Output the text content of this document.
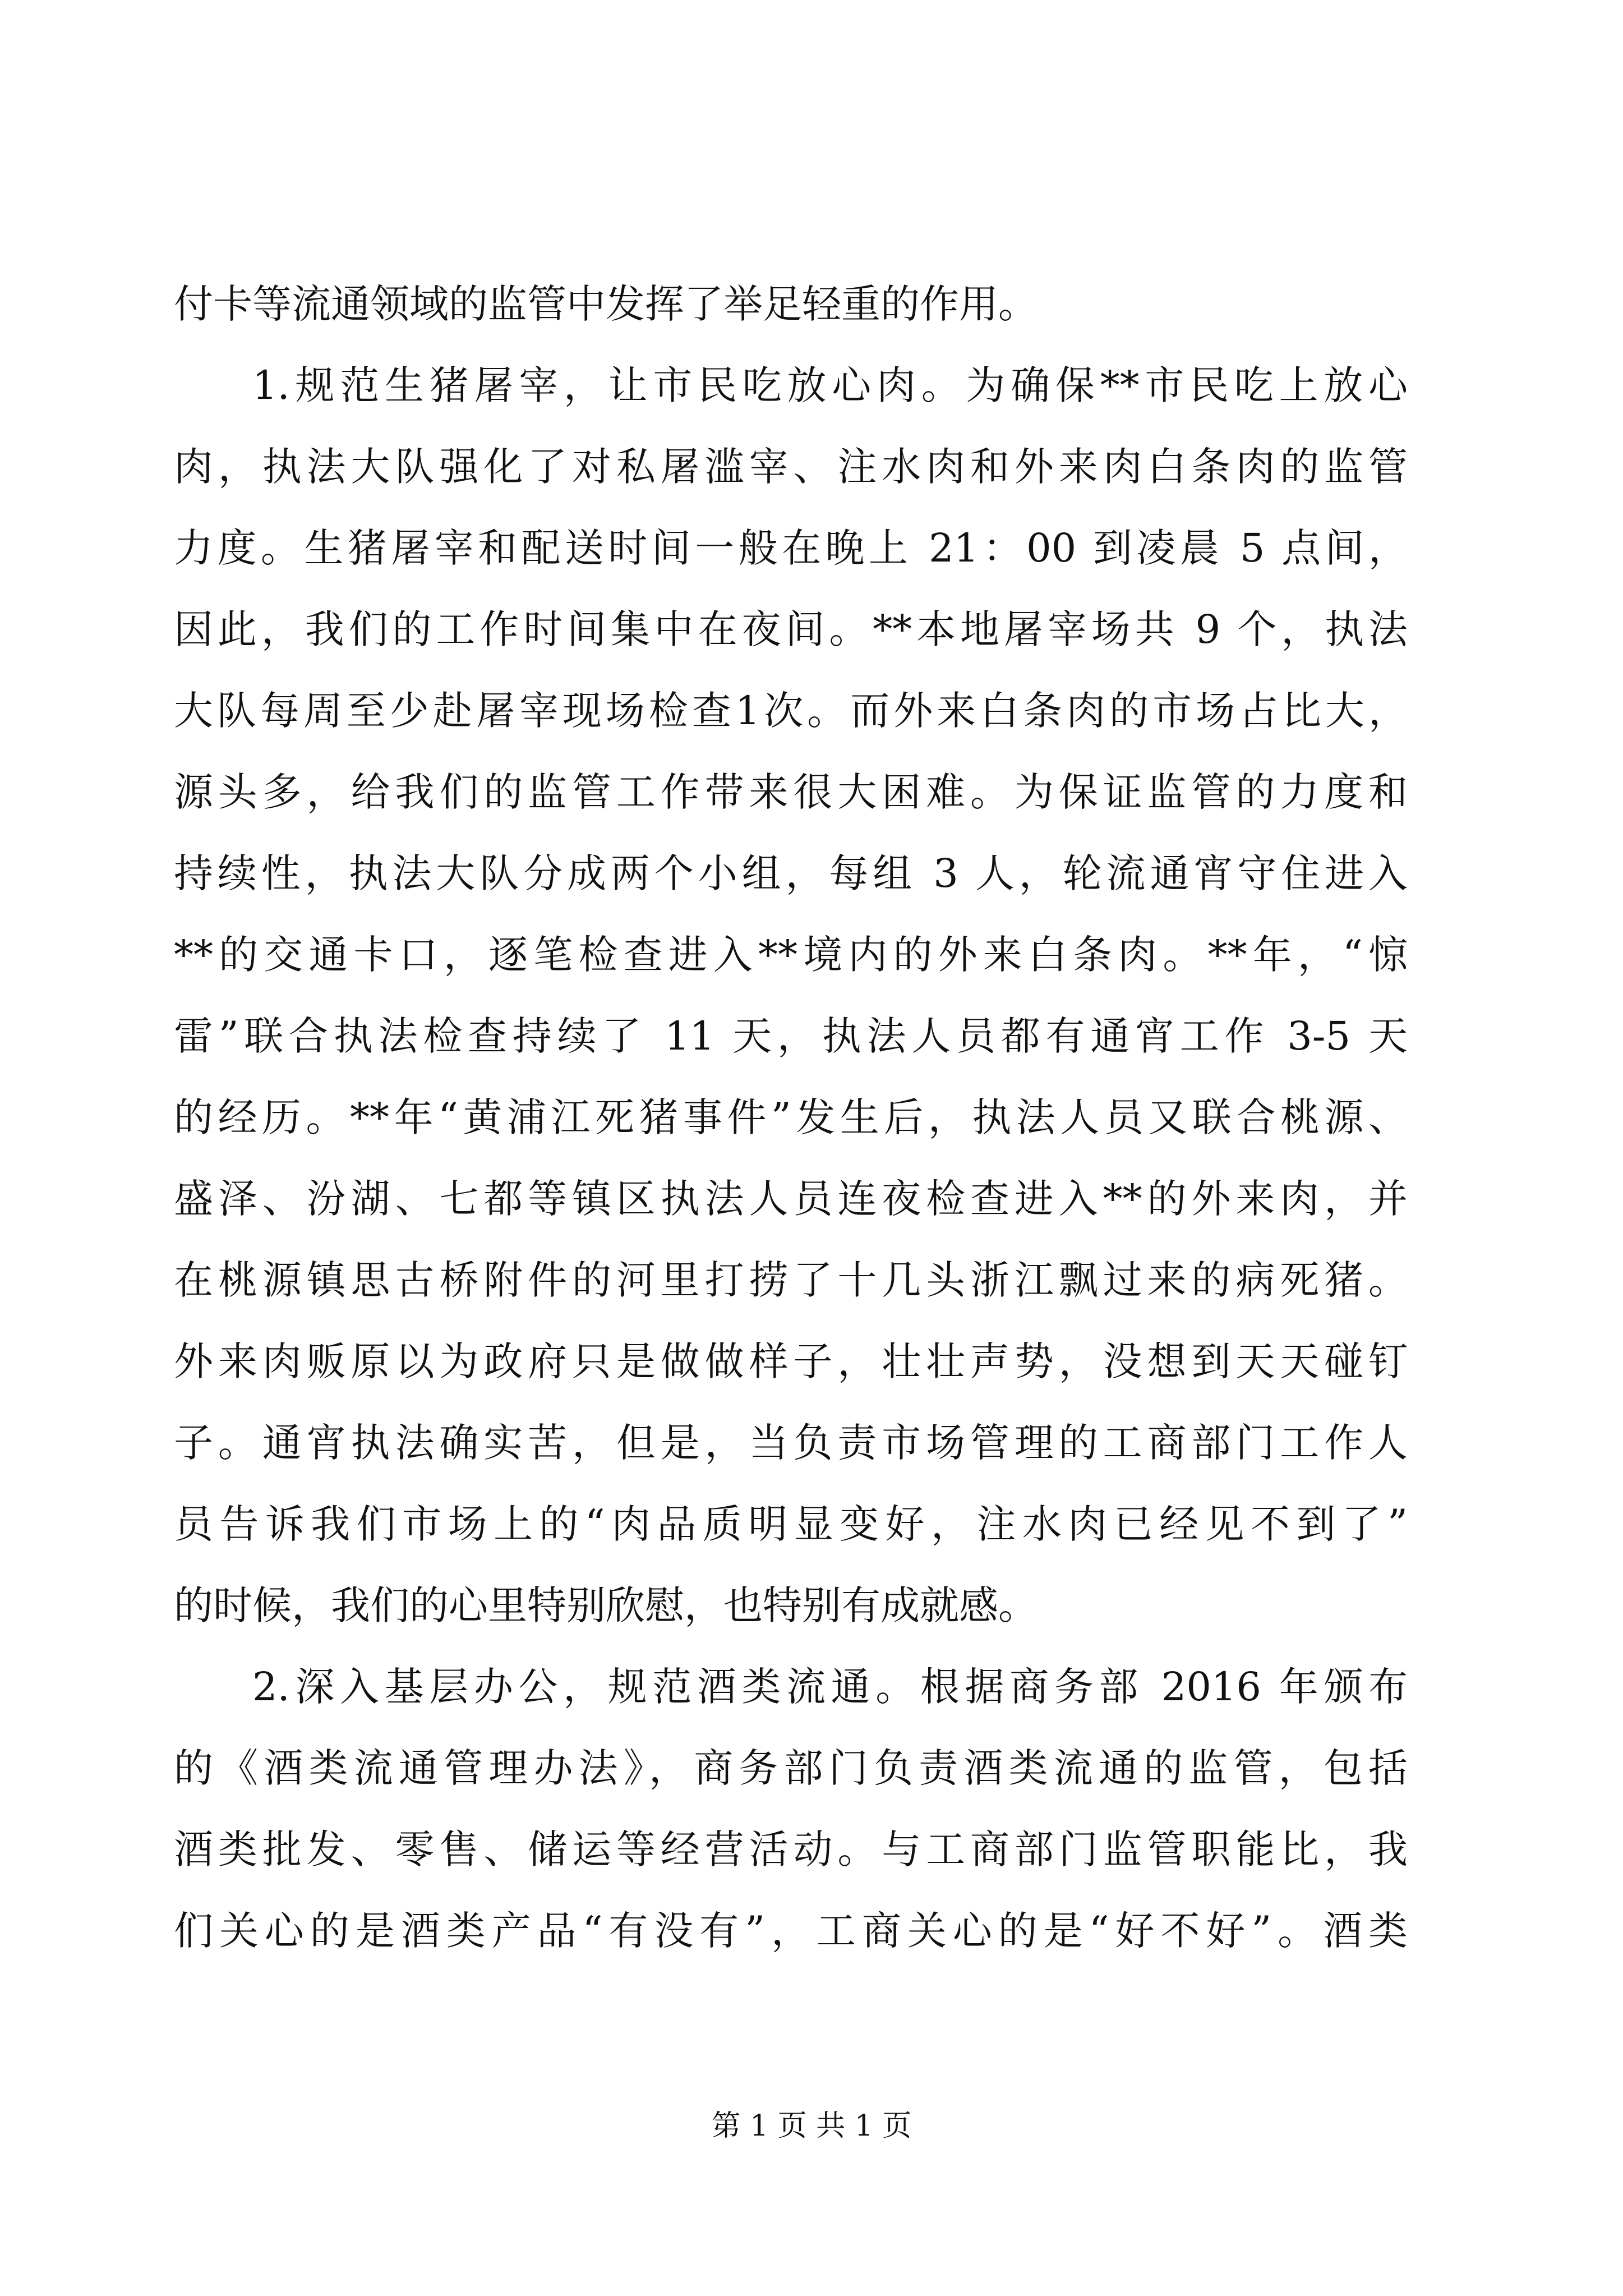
付卡等流通领域的监管中发挥了举足轻重的作用。
1.规范生猪屠宰，让市民吃放心肉。为确保**市民吃上放心
肉，执法大队强化了对私屠滥宰、注水肉和外来肉白条肉的监管
力度。生猪屠宰和配送时间一般在晚上 21：00 到凌晨 5 点间，
因此，我们的工作时间集中在夜间。**本地屠宰场共 9 个，执法
大队每周至少赴屠宰现场检查1次。而外来白条肉的市场占比大，
源头多，给我们的监管工作带来很大困难。为保证监管的力度和
持续性，执法大队分成两个小组，每组 3 人，轮流通宵守住进入
**的交通卡口，逐笔检查进入**境内的外来白条肉。**年，“惊
雷”联合执法检查持续了 11 天，执法人员都有通宵工作 3-5 天
的经历。**年“黄浦江死猪事件”发生后，执法人员又联合桃源、
盛泽、汾湖、七都等镇区执法人员连夜检查进入**的外来肉，并
在桃源镇思古桥附件的河里打捞了十几头浙江飘过来的病死猪。
外来肉贩原以为政府只是做做样子，壮壮声势，没想到天天碰钉
子。通宵执法确实苦，但是，当负责市场管理的工商部门工作人
员告诉我们市场上的“肉品质明显变好，注水肉已经见不到了”
的时候，我们的心里特别欣慰，也特别有成就感。
2.深入基层办公，规范酒类流通。根据商务部 2016 年颁布
的《酒类流通管理办法》，商务部门负责酒类流通的监管，包括
酒类批发、零售、储运等经营活动。与工商部门监管职能比，我
们关心的是酒类产品“有没有”，工商关心的是“好不好”。酒类
第 1 页 共 1 页
